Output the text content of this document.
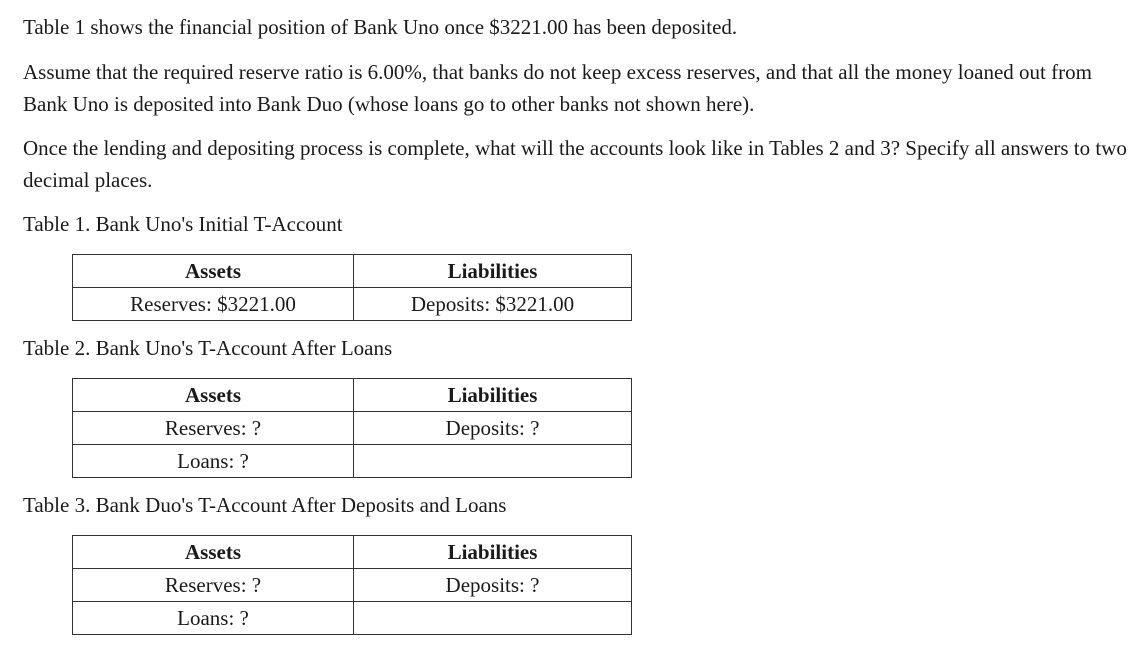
Table 1 shows the financial position of Bank Uno once $3221.00 has been deposited.

Assume that the required reserve ratio is 6.00%, that banks do not keep excess reserves, and that all the money loaned out from Bank Uno is deposited into Bank Duo (whose loans go to other banks not shown here).

Once the lending and depositing process is complete, what will the accounts look like in Tables 2 and 3? Specify all answers to two decimal places.

Table 1. Bank Uno's Initial T-Account

Assets	Liabilities
Reserves: $3221.00	Deposits: $3221.00

Table 2. Bank Uno's T-Account After Loans

Assets	Liabilities
Reserves: ?	Deposits: ?
Loans: ?	

Table 3. Bank Duo's T-Account After Deposits and Loans

Assets	Liabilities
Reserves: ?	Deposits: ?
Loans: ?	
